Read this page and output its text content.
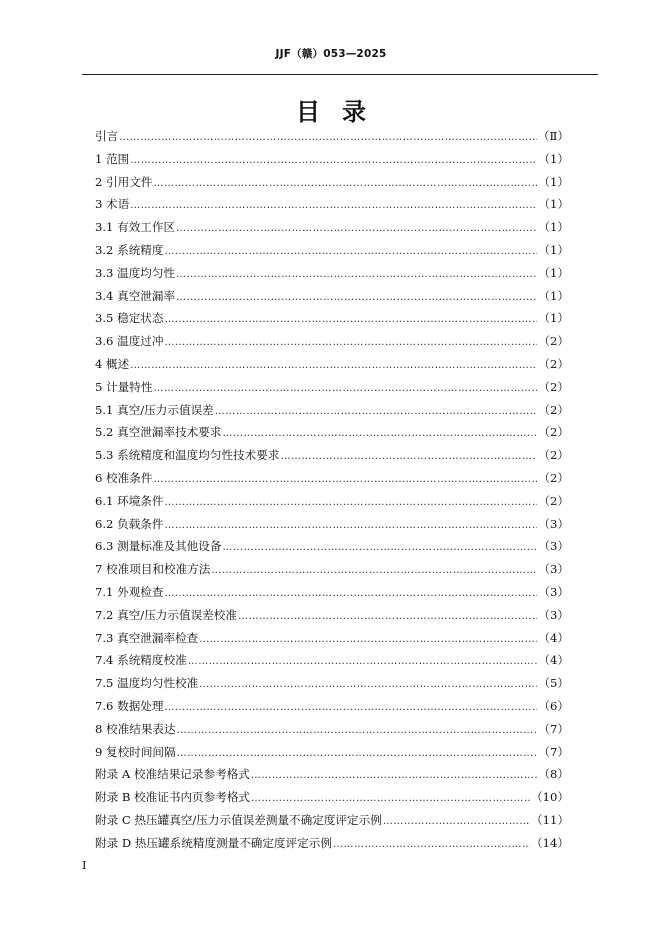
JJF（赣）053—2025
目录
引言 ………………………………………………………………………………………………………………………………………………	（Ⅱ）
1 范围 ………………………………………………………………………………………………………………………………………………	（1）
2 引用文件 ………………………………………………………………………………………………………………………………………………	（1）
3 术语 ………………………………………………………………………………………………………………………………………………	（1）
3.1 有效工作区 ………………………………………………………………………………………………………………………………………………	（1）
3.2 系统精度 ………………………………………………………………………………………………………………………………………………	（1）
3.3 温度均匀性 ………………………………………………………………………………………………………………………………………………	（1）
3.4 真空泄漏率 ………………………………………………………………………………………………………………………………………………	（1）
3.5 稳定状态 ………………………………………………………………………………………………………………………………………………	（1）
3.6 温度过冲 ………………………………………………………………………………………………………………………………………………	（2）
4 概述 ………………………………………………………………………………………………………………………………………………	（2）
5 计量特性 ………………………………………………………………………………………………………………………………………………	（2）
5.1 真空/压力示值误差 ………………………………………………………………………………………………………………………………………………	（2）
5.2 真空泄漏率技术要求 ………………………………………………………………………………………………………………………………………………	（2）
5.3 系统精度和温度均匀性技术要求 ………………………………………………………………………………………………………………………………………………	（2）
6 校准条件 ………………………………………………………………………………………………………………………………………………	（2）
6.1 环境条件 ………………………………………………………………………………………………………………………………………………	（2）
6.2 负载条件 ………………………………………………………………………………………………………………………………………………	（3）
6.3 测量标准及其他设备 ………………………………………………………………………………………………………………………………………………	（3）
7 校准项目和校准方法 ………………………………………………………………………………………………………………………………………………	（3）
7.1 外观检查 ………………………………………………………………………………………………………………………………………………	（3）
7.2 真空/压力示值误差校准 ………………………………………………………………………………………………………………………………………………	（3）
7.3 真空泄漏率检查 ………………………………………………………………………………………………………………………………………………	（4）
7.4 系统精度校准 ………………………………………………………………………………………………………………………………………………	（4）
7.5 温度均匀性校准 ………………………………………………………………………………………………………………………………………………	（5）
7.6 数据处理 ………………………………………………………………………………………………………………………………………………	（6）
8 校准结果表达 ………………………………………………………………………………………………………………………………………………	（7）
9 复校时间间隔 ………………………………………………………………………………………………………………………………………………	（7）
附录 A 校准结果记录参考格式 ………………………………………………………………………………………………………………………………………………	（8）
附录 B 校准证书内页参考格式 ………………………………………………………………………………………………………………………………………………	（10）
附录 C 热压罐真空/压力示值误差测量不确定度评定示例 ………………………………………………………………………………………………………………………………………………	（11）
附录 D 热压罐系统精度测量不确定度评定示例 ………………………………………………………………………………………………………………………………………………	（14）
Ⅰ
